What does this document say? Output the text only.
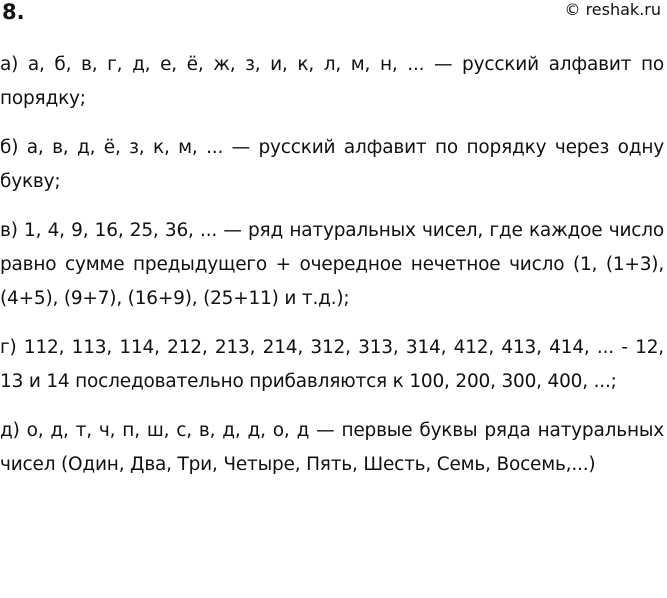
8.	© reshak.ru

а) а, б, в, г, д, е, ё, ж, з, и, к, л, м, н, ... — русский алфавит по порядку;

б) а, в, д, ё, з, к, м, ... — русский алфавит по порядку через одну букву;

в) 1, 4, 9, 16, 25, 36, ... — ряд натуральных чисел, где каждое число равно сумме предыдущего + очередное нечетное число (1, (1+3), (4+5), (9+7), (16+9), (25+11) и т.д.);

г) 112, 113, 114, 212, 213, 214, 312, 313, 314, 412, 413, 414, ... - 12, 13 и 14 последовательно прибавляются к 100, 200, 300, 400, ...;

д) о, д, т, ч, п, ш, с, в, д, д, о, д — первые буквы ряда натуральных чисел (Один, Два, Три, Четыре, Пять, Шесть, Семь, Восемь,...)
